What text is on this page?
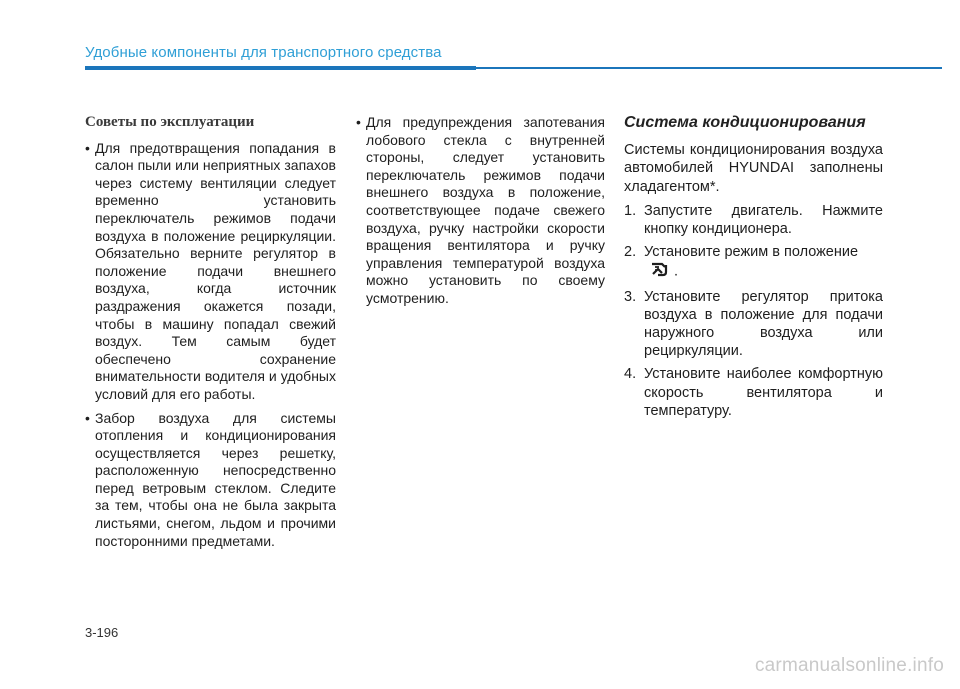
Удобные компоненты для транспортного средства
Советы по эксплуатации
• Для предотвращения попадания в салон пыли или неприятных запахов через систему вентиляции следует временно установить переключатель режимов подачи воздуха в положение рециркуляции. Обязательно верните регулятор в положение подачи внешнего воздуха, когда источник раздражения окажется позади, чтобы в машину попадал свежий воздух. Тем самым будет обеспечено сохранение внимательности водителя и удобных условий для его работы.
• Забор воздуха для системы отопления и кондиционирования осуществляется через решетку, расположенную непосредственно перед ветровым стеклом. Следите за тем, чтобы она не была закрыта листьями, снегом, льдом и прочими посторонними предметами.
• Для предупреждения запотевания лобового стекла с внутренней стороны, следует установить переключатель режимов подачи внешнего воздуха в положение, соответствующее подаче свежего воздуха, ручку настройки скорости вращения вентилятора и ручку управления температурой воздуха можно установить по своему усмотрению.
Система кондиционирования

Системы кондиционирования воздуха автомобилей HYUNDAI заполнены хладагентом*.

1. Запустите двигатель. Нажмите кнопку кондиционера.
2. Установите режим в положение
.
3. Установите регулятор притока воздуха в положение для подачи наружного воздуха или рециркуляции.
4. Установите наиболее комфортную скорость вентилятора и температуру.
3-196
carmanualsonline.info
